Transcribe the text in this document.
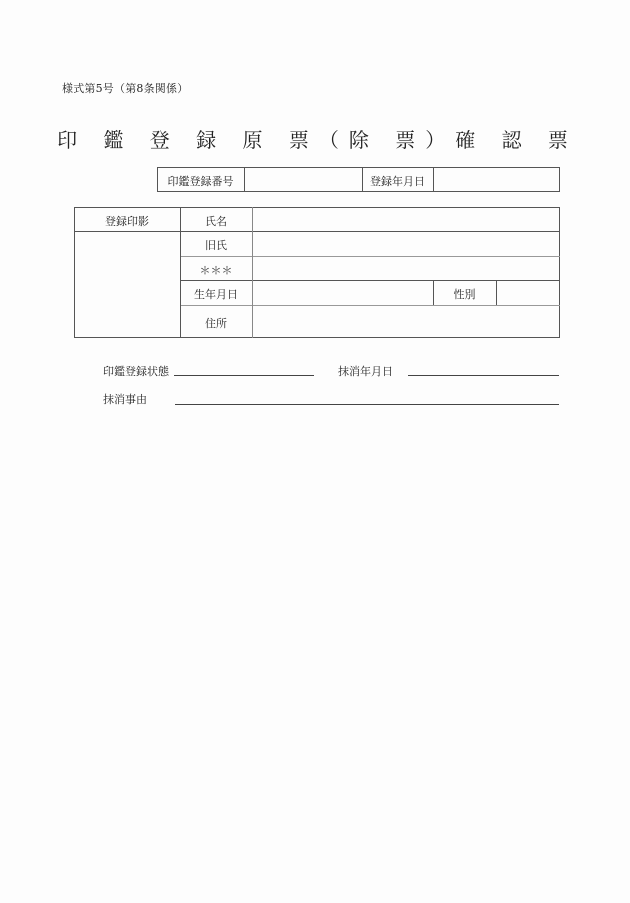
様式第5号（第8条関係）
印 鑑 登 録 原 票（除 票）確 認 票
印鑑登録番号	登録年月日
登録印影	氏名
旧氏
＊＊＊
生年月日	性別
住所
印鑑登録状態	抹消年月日
抹消事由
